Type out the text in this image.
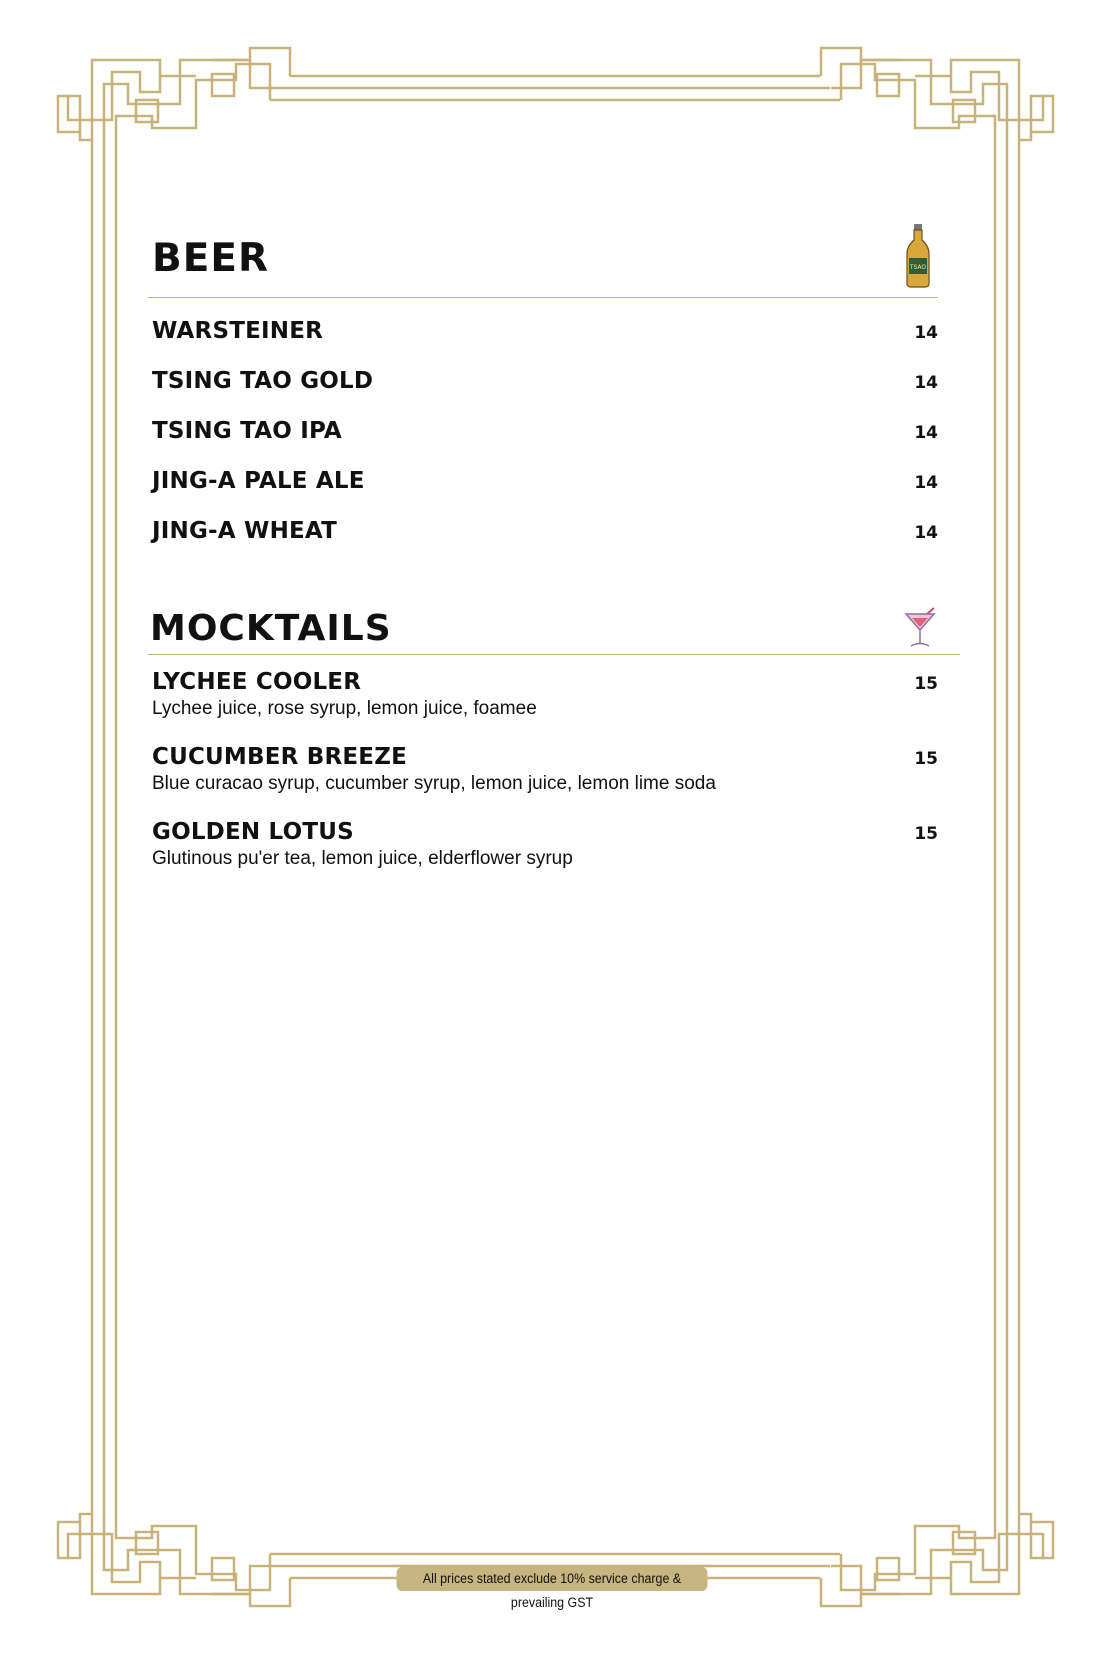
BEER	TSAO
WARSTEINER	14
TSING TAO GOLD	14
TSING TAO IPA	14
JING-A PALE ALE	14
JING-A WHEAT	14
MOCKTAILS
LYCHEE COOLER	15
Lychee juice, rose syrup, lemon juice, foamee
CUCUMBER BREEZE	15
Blue curacao syrup, cucumber syrup, lemon juice, lemon lime soda
GOLDEN LOTUS	15
Glutinous pu'er tea, lemon juice, elderflower syrup
All prices stated exclude 10% service charge & prevailing GST
